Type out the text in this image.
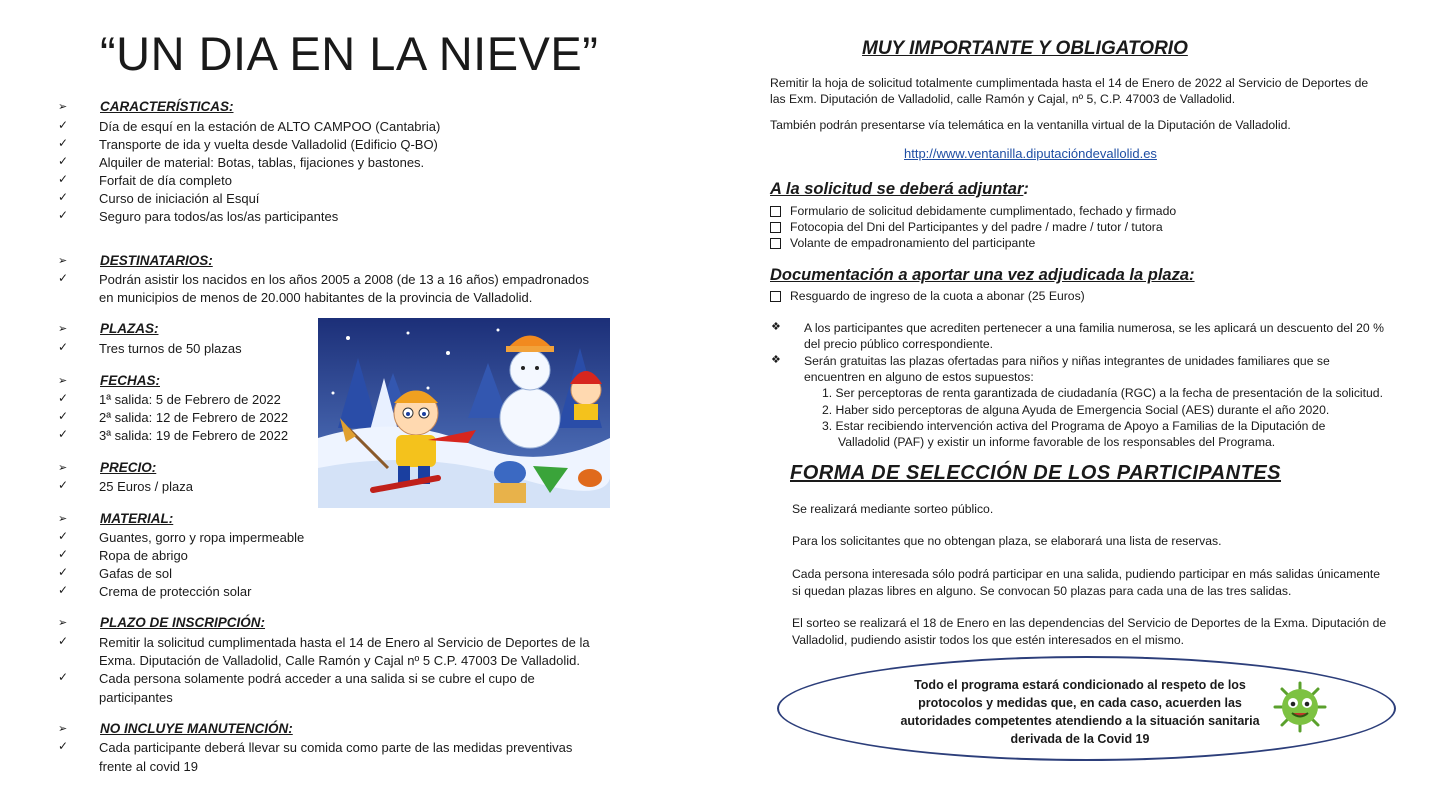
“UN DIA EN LA NIEVE”
➢ CARACTERÍSTICAS:
✓ Día de esquí en la estación de ALTO CAMPOO (Cantabria)
✓ Transporte de ida y vuelta desde Valladolid (Edificio Q-BO)
✓ Alquiler de material: Botas, tablas, fijaciones y bastones.
✓ Forfait de día completo
✓ Curso de iniciación al Esquí
✓ Seguro para todos/as los/as participantes
➢ DESTINATARIOS:
✓ Podrán asistir los nacidos en los años 2005 a 2008 (de 13 a 16 años) empadronados
en municipios de menos de 20.000 habitantes de la provincia de Valladolid.
➢ PLAZAS:
✓ Tres turnos de 50 plazas
➢ FECHAS:
✓ 1ª salida: 5 de Febrero de 2022
✓ 2ª salida: 12 de Febrero de 2022
✓ 3ª salida: 19 de Febrero de 2022
➢ PRECIO:
✓ 25 Euros / plaza
➢ MATERIAL:
✓ Guantes, gorro y ropa impermeable
✓ Ropa de abrigo
✓ Gafas de sol
✓ Crema de protección solar
➢ PLAZO DE INSCRIPCIÓN:
✓ Remitir la solicitud cumplimentada hasta el 14 de Enero al Servicio de Deportes de la
Exma. Diputación de Valladolid, Calle Ramón y Cajal nº 5 C.P. 47003 De Valladolid.
✓ Cada persona solamente podrá acceder a una salida si se cubre el cupo de
participantes
➢ NO INCLUYE MANUTENCIÓN:
✓ Cada participante deberá llevar su comida como parte de las medidas preventivas
frente al covid 19
MUY IMPORTANTE Y OBLIGATORIO
Remitir la hoja de solicitud totalmente cumplimentada hasta el 14 de Enero de 2022 al Servicio de Deportes de
las Exm. Diputación de Valladolid, calle Ramón y Cajal, nº 5, C.P. 47003 de Valladolid.
También podrán presentarse vía telemática en la ventanilla virtual de la Diputación de Valladolid.
http://www.ventanilla.diputacióndevallolid.es
A la solicitud se deberá adjuntar:
Formulario de solicitud debidamente cumplimentado, fechado y firmado
Fotocopia del Dni del Participantes y del padre / madre / tutor / tutora
Volante de empadronamiento del participante
Documentación a aportar una vez adjudicada la plaza:
Resguardo de ingreso de la cuota a abonar (25 Euros)
❖ A los participantes que acrediten pertenecer a una familia numerosa, se les aplicará un descuento del 20 %
del precio público correspondiente.
❖ Serán gratuitas las plazas ofertadas para niños y niñas integrantes de unidades familiares que se
encuentren en alguno de estos supuestos:
1. Ser perceptoras de renta garantizada de ciudadanía (RGC) a la fecha de presentación de la solicitud.
2. Haber sido perceptoras de alguna Ayuda de Emergencia Social (AES) durante el año 2020.
3. Estar recibiendo intervención activa del Programa de Apoyo a Familias de la Diputación de
Valladolid (PAF) y existir un informe favorable de los responsables del Programa.
FORMA DE SELECCIÓN DE LOS PARTICIPANTES
Se realizará mediante sorteo público.
Para los solicitantes que no obtengan plaza, se elaborará una lista de reservas.
Cada persona interesada sólo podrá participar en una salida, pudiendo participar en más salidas únicamente
si quedan plazas libres en alguno. Se convocan 50 plazas para cada una de las tres salidas.
El sorteo se realizará el 18 de Enero en las dependencias del Servicio de Deportes de la Exma. Diputación de
Valladolid, pudiendo asistir todos los que estén interesados en el mismo.
Todo el programa estará condicionado al respeto de los
protocolos y medidas que, en cada caso, acuerden las
autoridades competentes atendiendo a la situación sanitaria
derivada de la Covid 19
